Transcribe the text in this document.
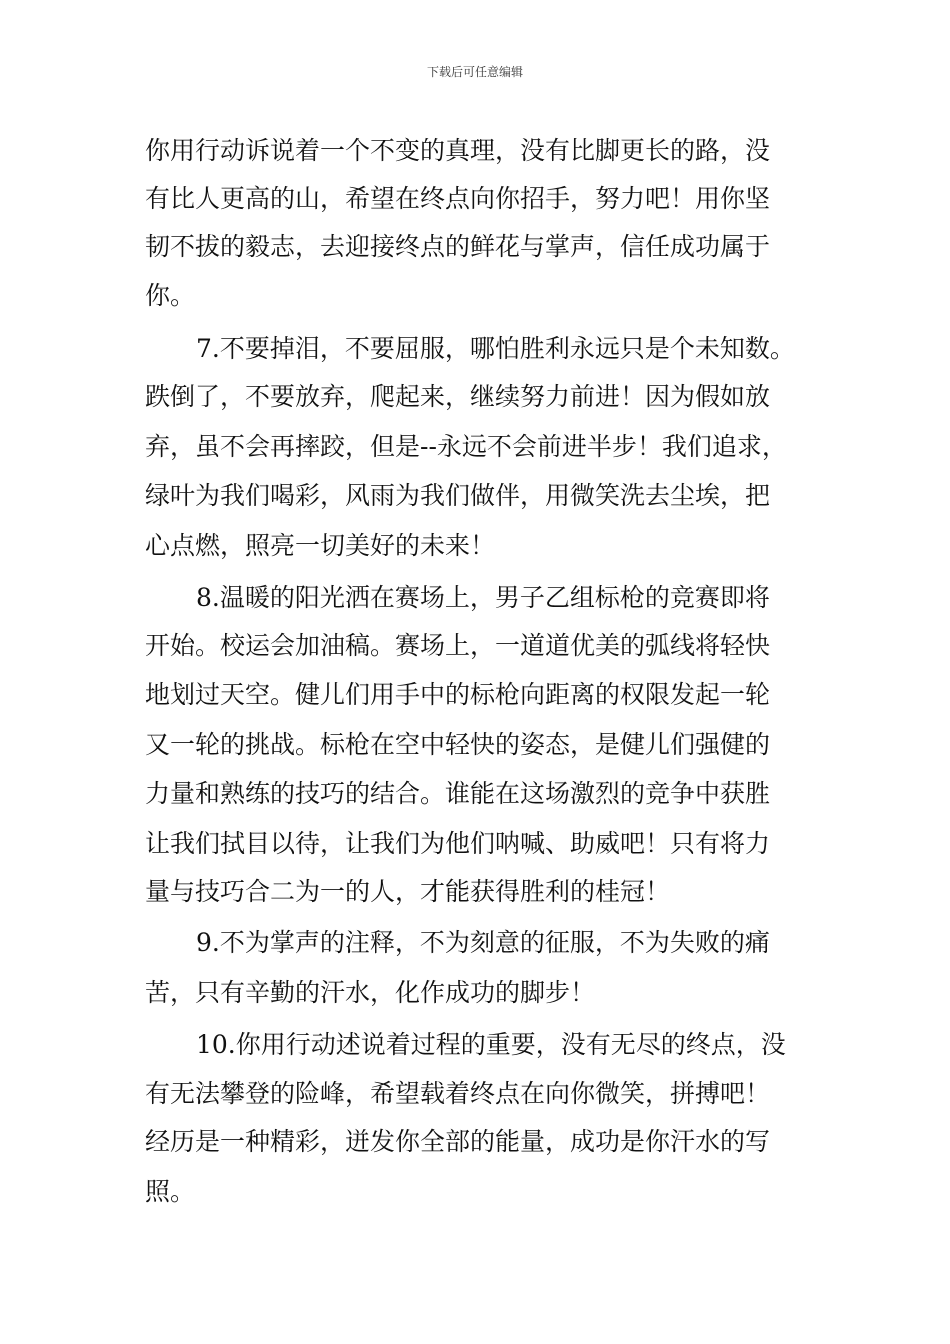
下载后可任意编辑
你用行动诉说着一个不变的真理，没有比脚更长的路，没
有比人更高的山，希望在终点向你招手，努力吧！用你坚
韧不拔的毅志，去迎接终点的鲜花与掌声，信任成功属于
你。
7.不要掉泪，不要屈服，哪怕胜利永远只是个未知数。
跌倒了，不要放弃，爬起来，继续努力前进！因为假如放
弃，虽不会再摔跤，但是--永远不会前进半步！我们追求，
绿叶为我们喝彩，风雨为我们做伴，用微笑洗去尘埃，把
心点燃，照亮一切美好的未来！
8.温暖的阳光洒在赛场上，男子乙组标枪的竞赛即将
开始。校运会加油稿。赛场上，一道道优美的弧线将轻快
地划过天空。健儿们用手中的标枪向距离的权限发起一轮
又一轮的挑战。标枪在空中轻快的姿态，是健儿们强健的
力量和熟练的技巧的结合。谁能在这场激烈的竞争中获胜
让我们拭目以待，让我们为他们呐喊、助威吧！只有将力
量与技巧合二为一的人，才能获得胜利的桂冠！
9.不为掌声的注释，不为刻意的征服，不为失败的痛
苦，只有辛勤的汗水，化作成功的脚步！
10.你用行动述说着过程的重要，没有无尽的终点，没
有无法攀登的险峰，希望载着终点在向你微笑，拼搏吧！
经历是一种精彩，迸发你全部的能量，成功是你汗水的写
照。
